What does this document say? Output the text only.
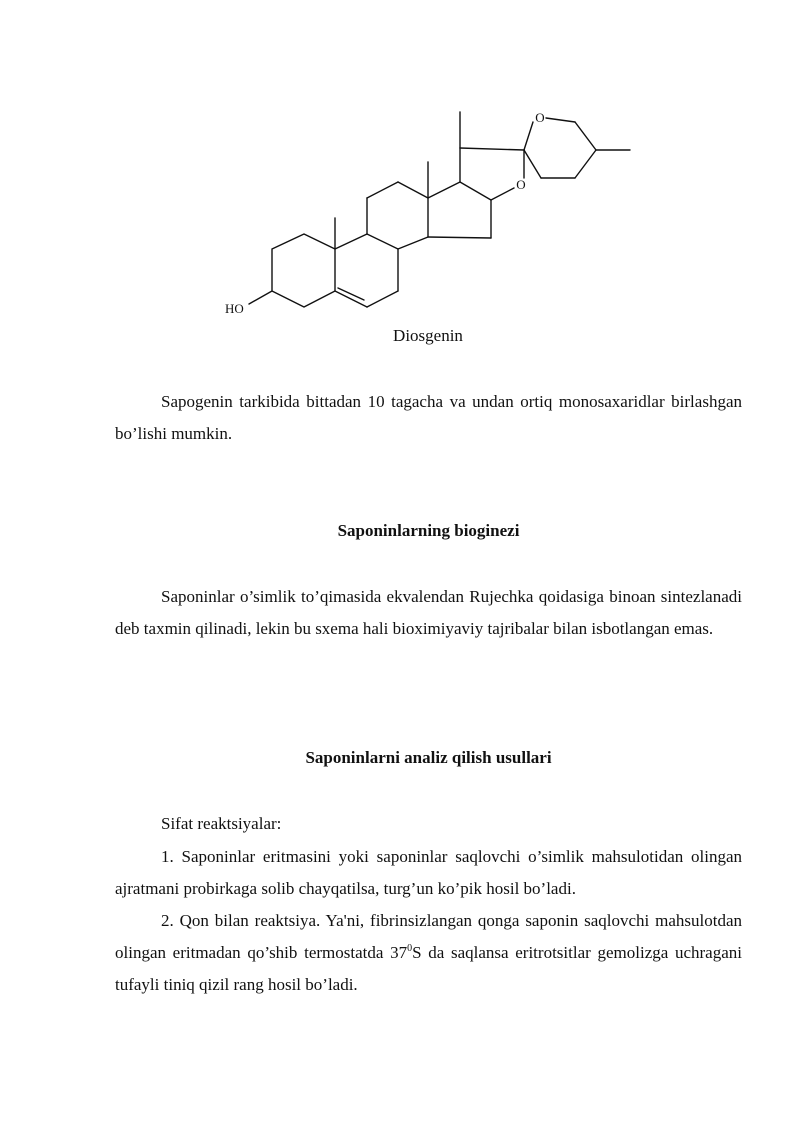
O
O
HO
Diosgenin
Sapogenin tarkibida bittadan 10 tagacha va undan ortiq monosaxaridlar birlashgan bo’lishi mumkin.
Saponinlarning bioginezi
Saponinlar o’simlik to’qimasida ekvalendan Rujechka qoidasiga binoan sintezlanadi deb taxmin qilinadi, lekin bu sxema hali bioximiyaviy tajribalar bilan isbotlangan emas.
Saponinlarni analiz qilish usullari
Sifat reaktsiyalar:
1. Saponinlar eritmasini yoki saponinlar saqlovchi o’simlik mahsulotidan olingan ajratmani probirkaga solib chayqatilsa, turg’un ko’pik hosil bo’ladi.
2. Qon bilan reaktsiya. Ya'ni, fibrinsizlangan qonga saponin saqlovchi mahsulotdan olingan eritmadan qo’shib termostatda $37^0S$ da saqlansa eritrotsitlar gemolizga uchragani tufayli tiniq qizil rang hosil bo’ladi.
